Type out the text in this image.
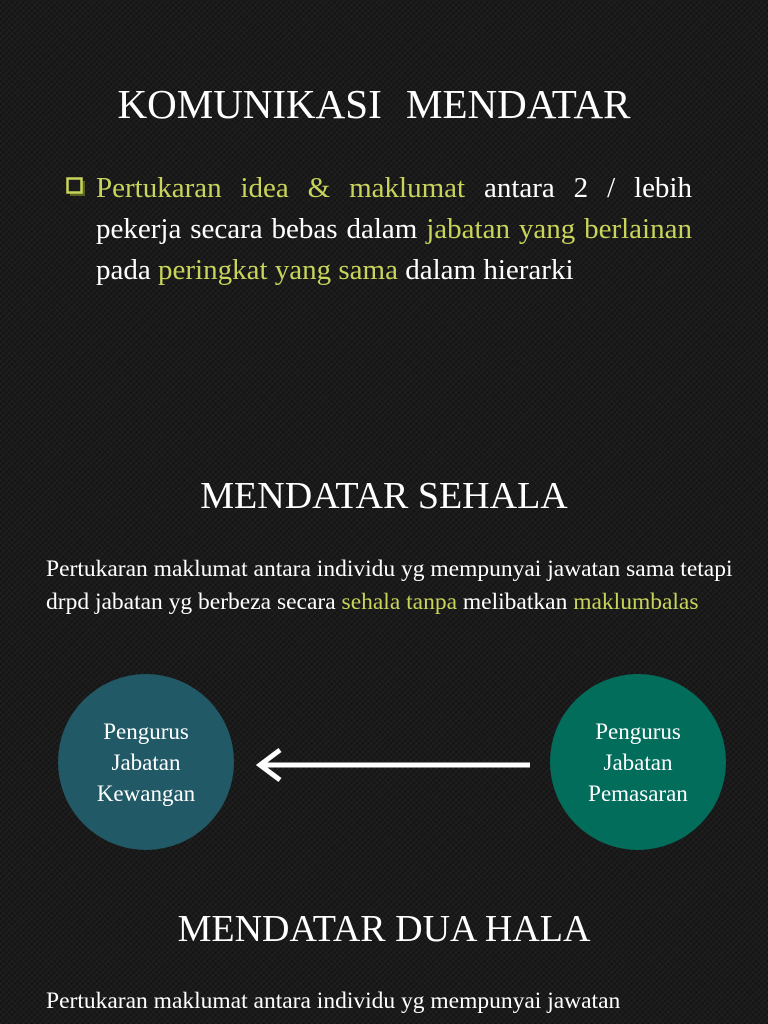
KOMUNIKASI MENDATAR
Pertukaran idea & maklumat antara 2 / lebih pekerja secara bebas dalam jabatan yang berlainan pada peringkat yang sama dalam hierarki
MENDATAR SEHALA
Pertukaran maklumat antara individu yg mempunyai jawatan sama tetapi drpd jabatan yg berbeza secara sehala tanpa melibatkan maklumbalas
Pengurus
Jabatan
Kewangan
Pengurus
Jabatan
Pemasaran
MENDATAR DUA HALA
Pertukaran maklumat antara individu yg mempunyai jawatan
